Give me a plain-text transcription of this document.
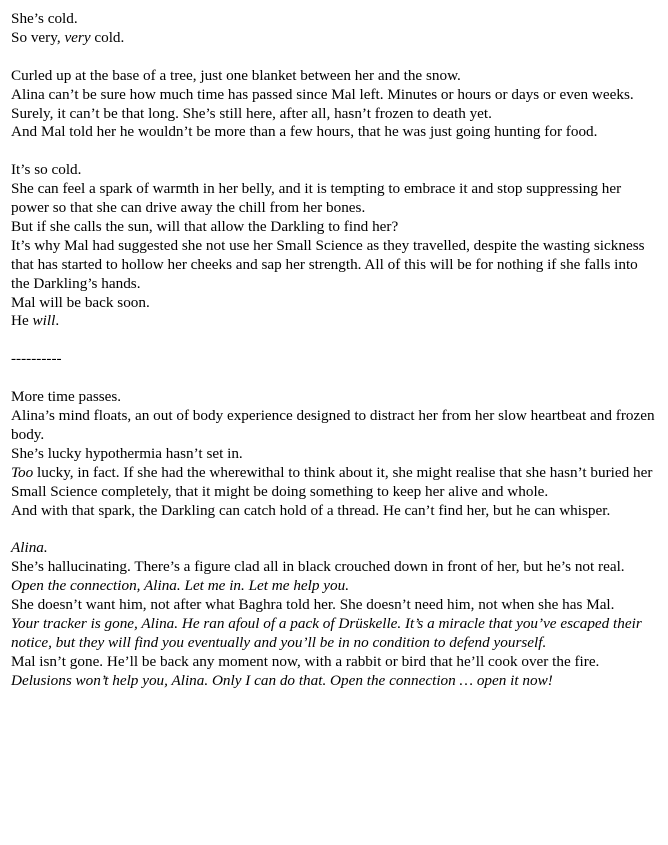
She’s cold.

So very, very cold.

Curled up at the base of a tree, just one blanket between her and the snow.

Alina can’t be sure how much time has passed since Mal left. Minutes or hours or days or even weeks.

Surely, it can’t be that long. She’s still here, after all, hasn’t frozen to death yet.

And Mal told her he wouldn’t be more than a few hours, that he was just going hunting for food.

It’s so cold.

She can feel a spark of warmth in her belly, and it is tempting to embrace it and stop suppressing her power so that she can drive away the chill from her bones.

But if she calls the sun, will that allow the Darkling to find her?

It’s why Mal had suggested she not use her Small Science as they travelled, despite the wasting sickness that has started to hollow her cheeks and sap her strength. All of this will be for nothing if she falls into the Darkling’s hands.

Mal will be back soon.

He will.

----------

More time passes.

Alina’s mind floats, an out of body experience designed to distract her from her slow heartbeat and frozen body.

She’s lucky hypothermia hasn’t set in.

Too lucky, in fact. If she had the wherewithal to think about it, she might realise that she hasn’t buried her Small Science completely, that it might be doing something to keep her alive and whole.

And with that spark, the Darkling can catch hold of a thread. He can’t find her, but he can whisper.

Alina.

She’s hallucinating. There’s a figure clad all in black crouched down in front of her, but he’s not real.

Open the connection, Alina. Let me in. Let me help you.

She doesn’t want him, not after what Baghra told her. She doesn’t need him, not when she has Mal.

Your tracker is gone, Alina. He ran afoul of a pack of Drüskelle. It’s a miracle that you’ve escaped their notice, but they will find you eventually and you’ll be in no condition to defend yourself.

Mal isn’t gone. He’ll be back any moment now, with a rabbit or bird that he’ll cook over the fire.

Delusions won’t help you, Alina. Only I can do that. Open the connection … open it now!
